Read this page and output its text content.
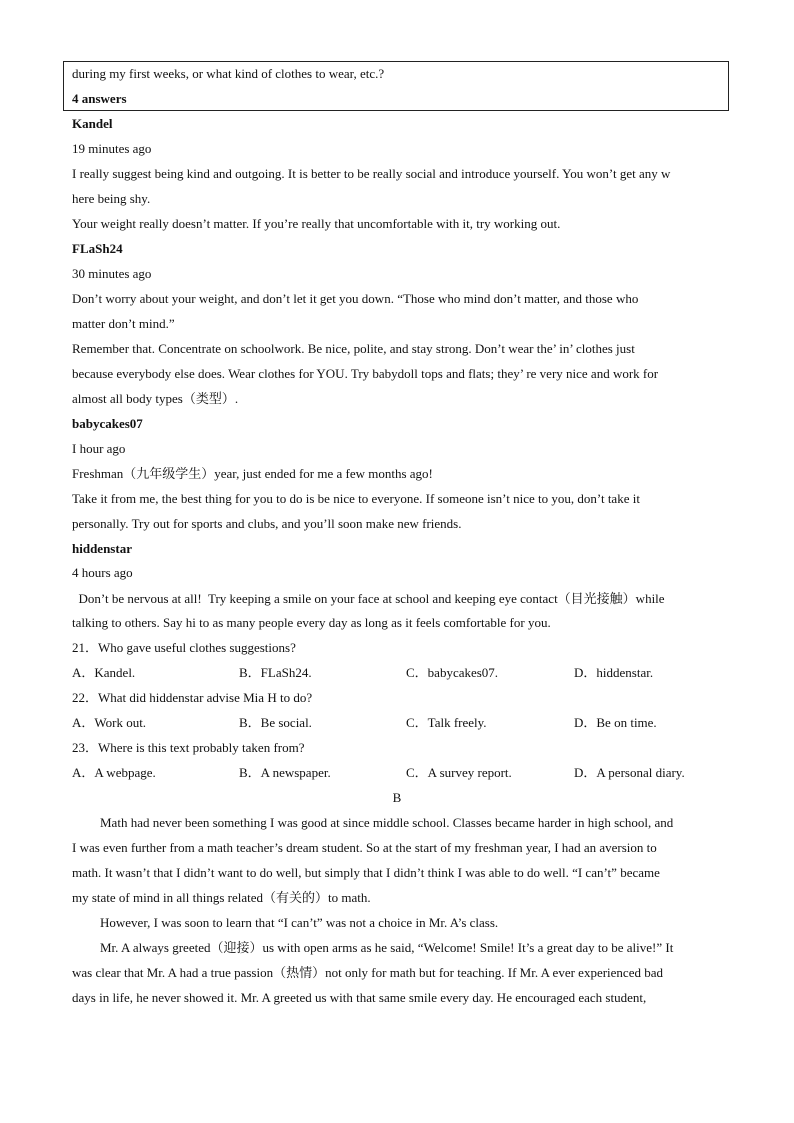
during my first weeks, or what kind of clothes to wear, etc.?
4 answers
Kandel
19 minutes ago
I really suggest being kind and outgoing. It is better to be really social and introduce yourself. You won’t get any w
here being shy.
Your weight really doesn’t matter. If you’re really that uncomfortable with it, try working out.
FLaSh24
30 minutes ago
Don’t worry about your weight, and don’t let it get you down. “Those who mind don’t matter, and those who
matter don’t mind.”
Remember that. Concentrate on schoolwork. Be nice, polite, and stay strong. Don’t wear the’ in’ clothes just
because everybody else does. Wear clothes for YOU. Try babydoll tops and flats; they’ re very nice and work for
almost all body types（类型）.
babycakes07
I hour ago
Freshman（九年级学生）year, just ended for me a few months ago!
Take it from me, the best thing for you to do is be nice to everyone. If someone isn’t nice to you, don’t take it
personally. Try out for sports and clubs, and you’ll soon make new friends.
hiddenstar
4 hours ago
Don’t be nervous at all!  Try keeping a smile on your face at school and keeping eye contact（目光接触）while
talking to others. Say hi to as many people every day as long as it feels comfortable for you.
21．Who gave useful clothes suggestions?
A．Kandel.	B．FLaSh24.	C．babycakes07.	D．hiddenstar.
22．What did hiddenstar advise Mia H to do?
A．Work out.	B．Be social.	C．Talk freely.	D．Be on time.
23．Where is this text probably taken from?
A．A webpage.	B．A newspaper.	C．A survey report.	D．A personal diary.
B
Math had never been something I was good at since middle school. Classes became harder in high school, and
I was even further from a math teacher’s dream student. So at the start of my freshman year, I had an aversion to
math. It wasn’t that I didn’t want to do well, but simply that I didn’t think I was able to do well. “I can’t” became
my state of mind in all things related（有关的）to math.
However, I was soon to learn that “I can’t” was not a choice in Mr. A’s class.
Mr. A always greeted（迎接）us with open arms as he said, “Welcome! Smile! It’s a great day to be alive!” It
was clear that Mr. A had a true passion（热情）not only for math but for teaching. If Mr. A ever experienced bad
days in life, he never showed it. Mr. A greeted us with that same smile every day. He encouraged each student,
